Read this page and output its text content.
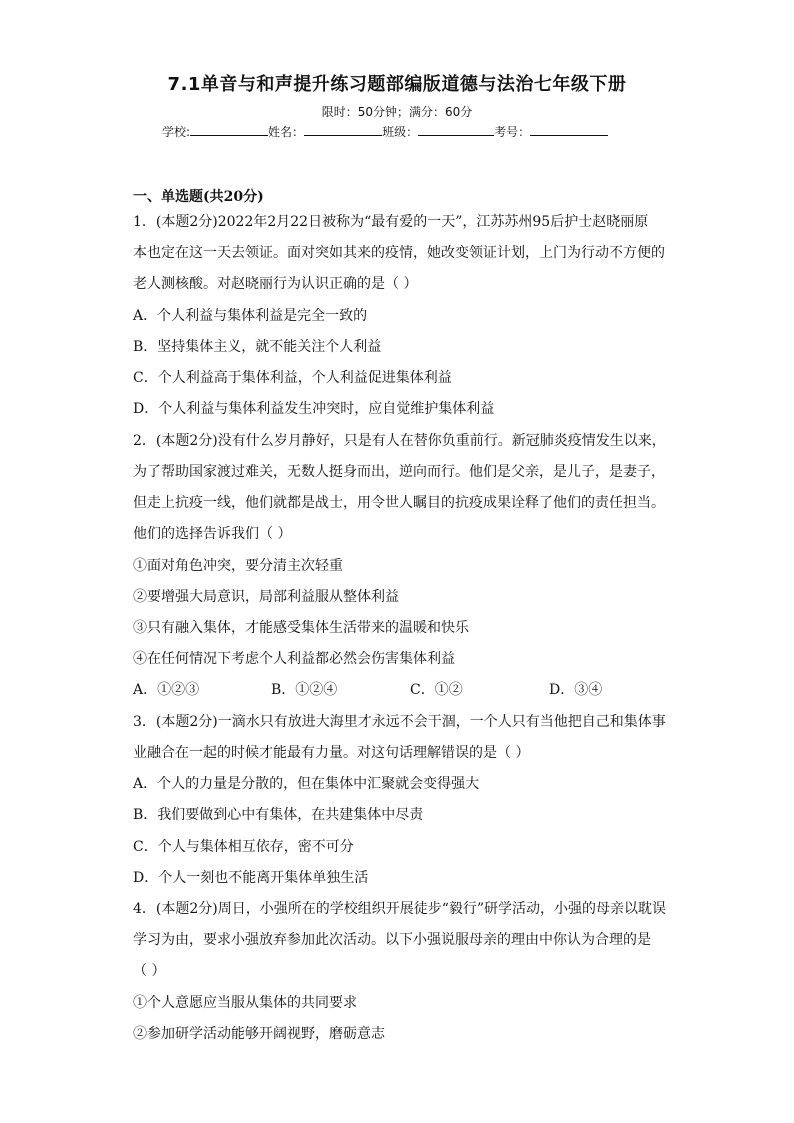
7.1单音与和声提升练习题部编版道德与法治七年级下册
限时：50分钟；满分：60分
学校:	姓名：	班级：	考号：
一、单选题(共20分)
1．(本题2分)2022年2月22日被称为“最有爱的一天”，江苏苏州95后护士赵晓丽原
本也定在这一天去领证。面对突如其来的疫情，她改变领证计划，上门为行动不方便的
老人测核酸。对赵晓丽行为认识正确的是（ ）
A．个人利益与集体利益是完全一致的
B．坚持集体主义，就不能关注个人利益
C．个人利益高于集体利益，个人利益促进集体利益
D．个人利益与集体利益发生冲突时，应自觉维护集体利益
2．(本题2分)没有什么岁月静好，只是有人在替你负重前行。新冠肺炎疫情发生以来，
为了帮助国家渡过难关，无数人挺身而出，逆向而行。他们是父亲，是儿子，是妻子，
但走上抗疫一线，他们就都是战士，用令世人瞩目的抗疫成果诠释了他们的责任担当。
他们的选择告诉我们（ ）
①面对角色冲突，要分清主次轻重
②要增强大局意识，局部利益服从整体利益
③只有融入集体，才能感受集体生活带来的温暖和快乐
④在任何情况下考虑个人利益都必然会伤害集体利益
A．①②③	B．①②④	C．①②	D．③④
3．(本题2分)一滴水只有放进大海里才永远不会干涸，一个人只有当他把自己和集体事
业融合在一起的时候才能最有力量。对这句话理解错误的是（ ）
A．个人的力量是分散的，但在集体中汇聚就会变得强大
B．我们要做到心中有集体，在共建集体中尽责
C．个人与集体相互依存，密不可分
D．个人一刻也不能离开集体单独生活
4．(本题2分)周日，小强所在的学校组织开展徒步“毅行”研学活动，小强的母亲以耽误
学习为由，要求小强放弃参加此次活动。以下小强说服母亲的理由中你认为合理的是
（ ）
①个人意愿应当服从集体的共同要求
②参加研学活动能够开阔视野，磨砺意志
